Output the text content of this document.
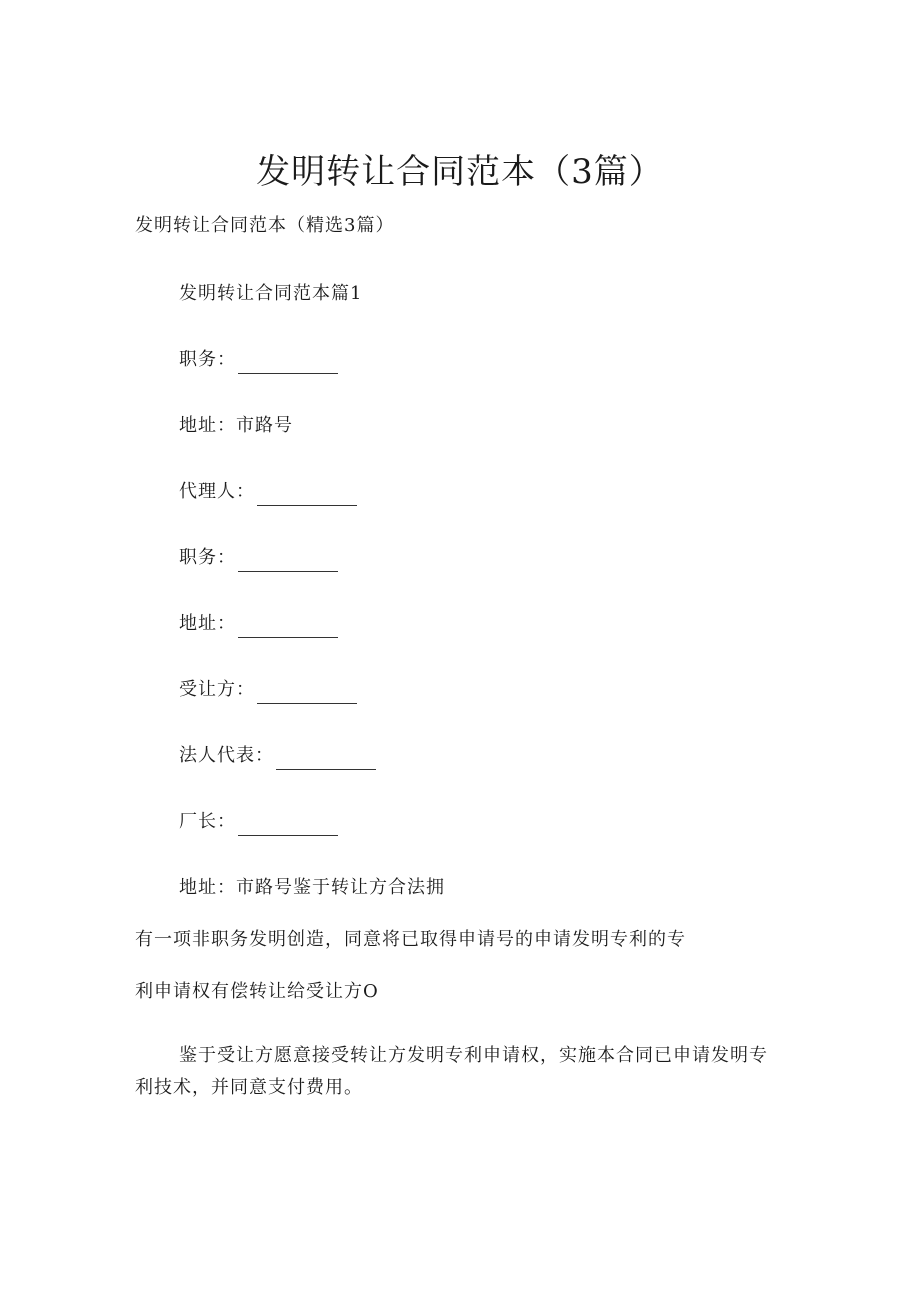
发明转让合同范本（3篇）
发明转让合同范本（精选3篇）
发明转让合同范本篇1
职务：
地址：市路号
代理人：
职务：
地址：
受让方：
法人代表：
厂长：
地址：市路号鉴于转让方合法拥
有一项非职务发明创造，同意将已取得申请号的申请发明专利的专
利申请权有偿转让给受让方O
鉴于受让方愿意接受转让方发明专利申请权，实施本合同已申请发明专利技术，并同意支付费用。
